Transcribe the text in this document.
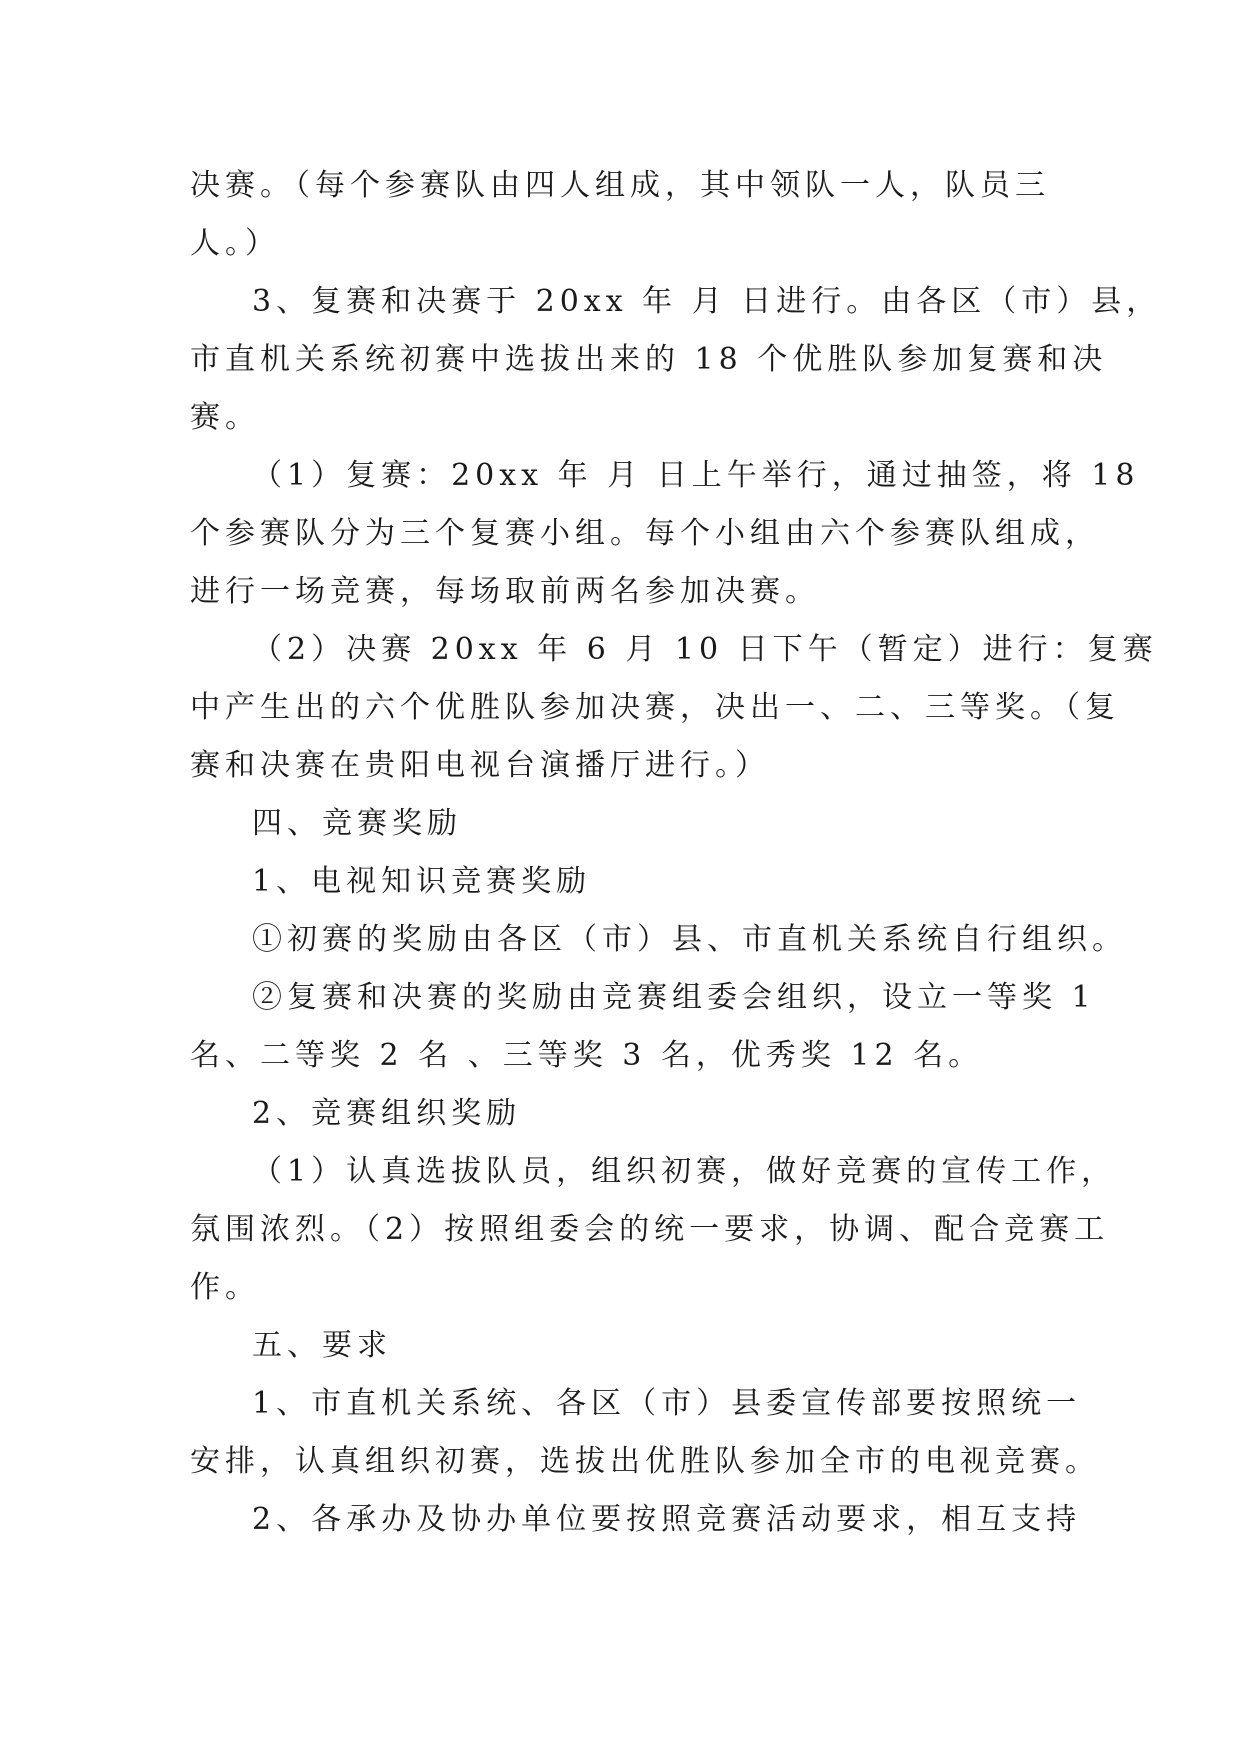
决赛。（每个参赛队由四人组成，其中领队一人，队员三
人。）
3、复赛和决赛于 20xx 年 月 日进行。由各区（市）县，
市直机关系统初赛中选拔出来的 18 个优胜队参加复赛和决
赛。
（1）复赛：20xx 年 月 日上午举行，通过抽签，将 18
个参赛队分为三个复赛小组。每个小组由六个参赛队组成，
进行一场竞赛，每场取前两名参加决赛。
（2）决赛 20xx 年 6 月 10 日下午（暂定）进行：复赛
中产生出的六个优胜队参加决赛，决出一、二、三等奖。（复
赛和决赛在贵阳电视台演播厅进行。）
四、竞赛奖励
1、电视知识竞赛奖励
①初赛的奖励由各区（市）县、市直机关系统自行组织。
②复赛和决赛的奖励由竞赛组委会组织，设立一等奖 1
名、二等奖 2 名 、三等奖 3 名，优秀奖 12 名。
2、竞赛组织奖励
（1）认真选拔队员，组织初赛，做好竞赛的宣传工作，
氛围浓烈。（2）按照组委会的统一要求，协调、配合竞赛工
作。
五、要求
1、市直机关系统、各区（市）县委宣传部要按照统一
安排，认真组织初赛，选拔出优胜队参加全市的电视竞赛。
2、各承办及协办单位要按照竞赛活动要求，相互支持
